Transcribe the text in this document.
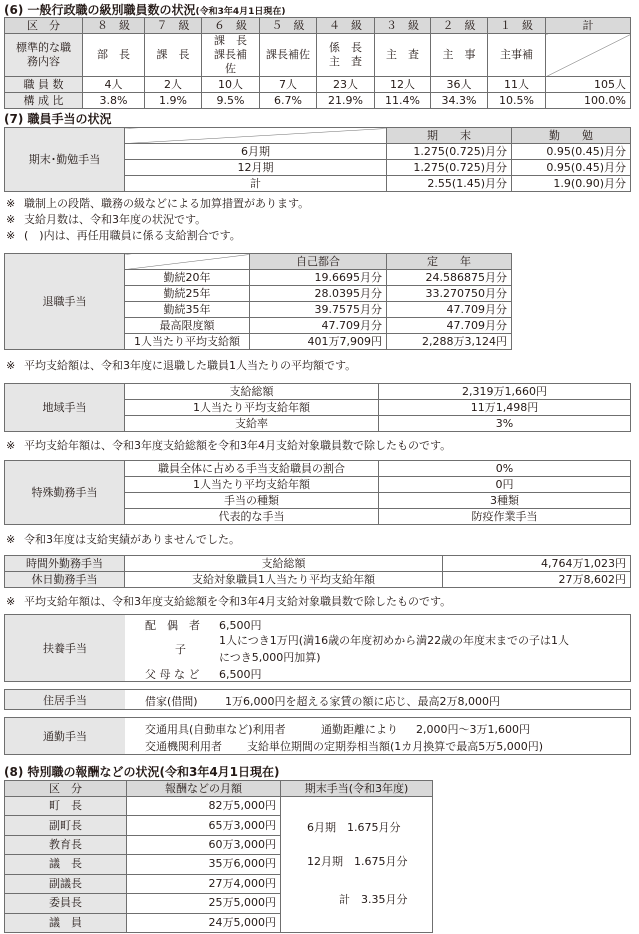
(6) 一般行政職の級別職員数の状況(令和3年4月1日現在)
区　分	８　級	７　級	６　級	５　級	４　級	３　級	２　級	１　級	計
標準的な職務内容	部　長	課　長	課　長 課長補佐	課長補佐	係　長 主　査	主　査	主　事	主事補	
職 員 数	4人	2人	10人	7人	23人	12人	36人	11人	105人
構 成 比	3.8%	1.9%	9.5%	6.7%	21.9%	11.4%	34.3%	10.5%	100.0%
(7) 職員手当の状況
期末･勤勉手当		期　　末	勤　　勉
	6月期	1.275(0.725)月分	0.95(0.45)月分
	12月期	1.275(0.725)月分	0.95(0.45)月分
	計	2.55(1.45)月分	1.9(0.90)月分
※ 職制上の段階、職務の級などによる加算措置があります。
※ 支給月数は、令和3年度の状況です。
※ (　)内は、再任用職員に係る支給割合です。
退職手当		自己都合	定　　年	
	勤続20年	19.6695月分	24.586875月分	
	勤続25年	28.0395月分	33.270750月分	
	勤続35年	39.7575月分	47.709月分	
	最高限度額	47.709月分	47.709月分	
	1人当たり平均支給額	401万7,909円	2,288万3,124円	
※ 平均支給額は、令和3年度に退職した職員1人当たりの平均額です。
地域手当	支給総額	2,319万1,660円
	1人当たり平均支給年額	11万1,498円
	支給率	3%
※ 平均支給年額は、令和3年度支給総額を令和3年4月支給対象職員数で除したものです。
特殊勤務手当	職員全体に占める手当支給職員の割合	0%
	1人当たり平均支給年額	0円
	手当の種類	3種類
	代表的な手当	防疫作業手当
※ 令和3年度は支給実績がありませんでした。
時間外勤務手当	支給総額	4,764万1,023円
休日勤務手当	支給対象職員1人当たり平均支給年額	27万8,602円
※ 平均支給年額は、令和3年度支給総額を令和3年4月支給対象職員数で除したものです。
扶養手当
配　偶　者 6,500円
子
1人につき1万円(満16歳の年度初めから満22歳の年度末までの子は1人
につき5,000円加算)
父 母 な ど 6,500円
住居手当	借家(借間) 1万6,000円を超える家賃の額に応じ、最高2万8,000円
通勤手当
交通用具(自動車など)利用者	通勤距離により 2,000円～3万1,600円
交通機関利用者 支給単位期間の定期券相当額(1カ月換算で最高5万5,000円)
(8) 特別職の報酬などの状況(令和3年4月1日現在)
区　分	報酬などの月額	期末手当(令和3年度)
町　長	82万5,000円	6月期　1.675月分
12月期　1.675月分
計　3.35月分

副町長	65万3,000円	
教育長	60万3,000円	
議　長	35万6,000円	
副議長	27万4,000円	
委員長	25万5,000円	
議　員	24万5,000円	
